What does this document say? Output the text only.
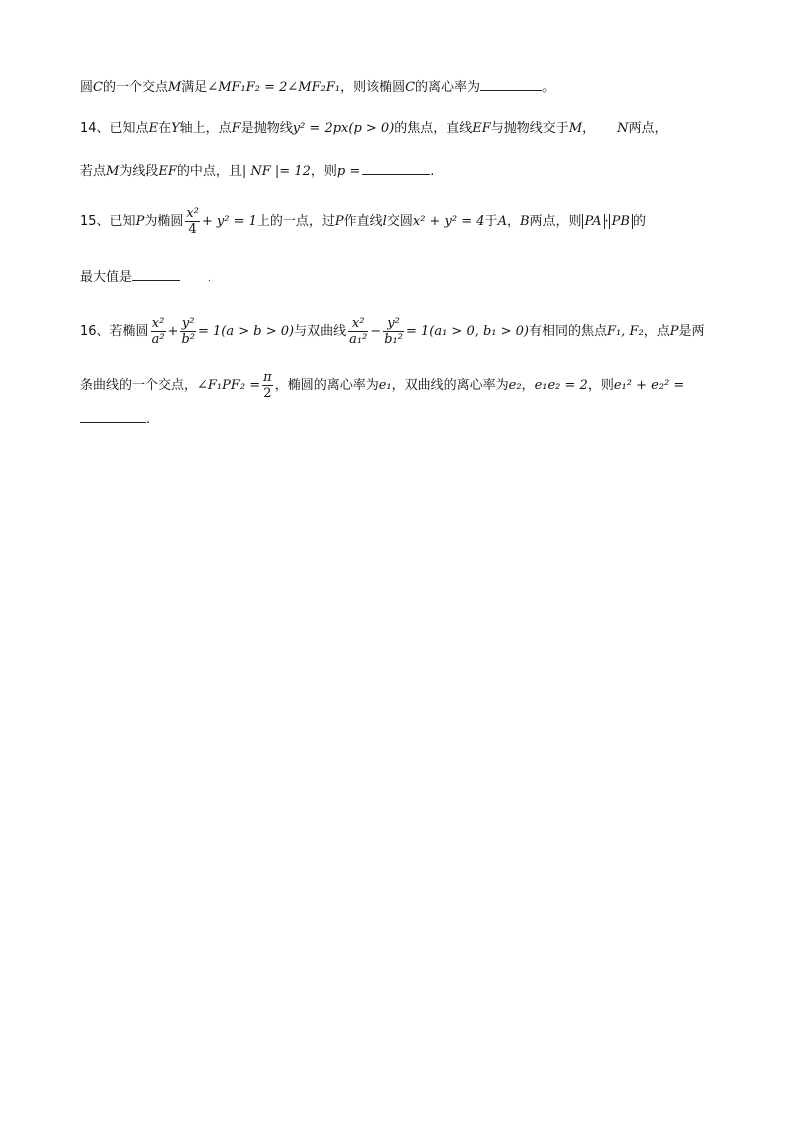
圆C的一个交点M满足∠MF₁F₂ = 2∠MF₂F₁，则该椭圆C的离心率为	。
14、已知点E在Y轴上，点F是抛物线y² = 2px(p > 0)的焦点，直线EF与抛物线交于M， N两点，
若点M为线段EF的中点，且| NF |= 12，则p =	.
15、已知P为椭圆 $\frac{\text{x²}}{4} + y^2 = 1$上的一点，过P作直线l交圆x² + y² = 4于A，B两点，则 PA · PB 的
最大值是	.
16、若椭圆 $\frac{\text{x²}}{\text{a²}} + \frac{\text{y²}}{\text{b²}} = 1(a > b > 0)$与双曲线 $\frac{\text{x²}}{\text{a₁²}} - \frac{\text{y²}}{\text{b₁²}} = 1(a_1 > 0$, b₁ > 0)有相同的焦点F₁, F₂，点P是两
条曲线的一个交点，∠F₁PF₂ = $\frac{\pi}{2}$ ，椭圆的离心率为e₁，双曲线的离心率为e₂，e₁e₂ = 2，则e₁² + e₂² =
.
